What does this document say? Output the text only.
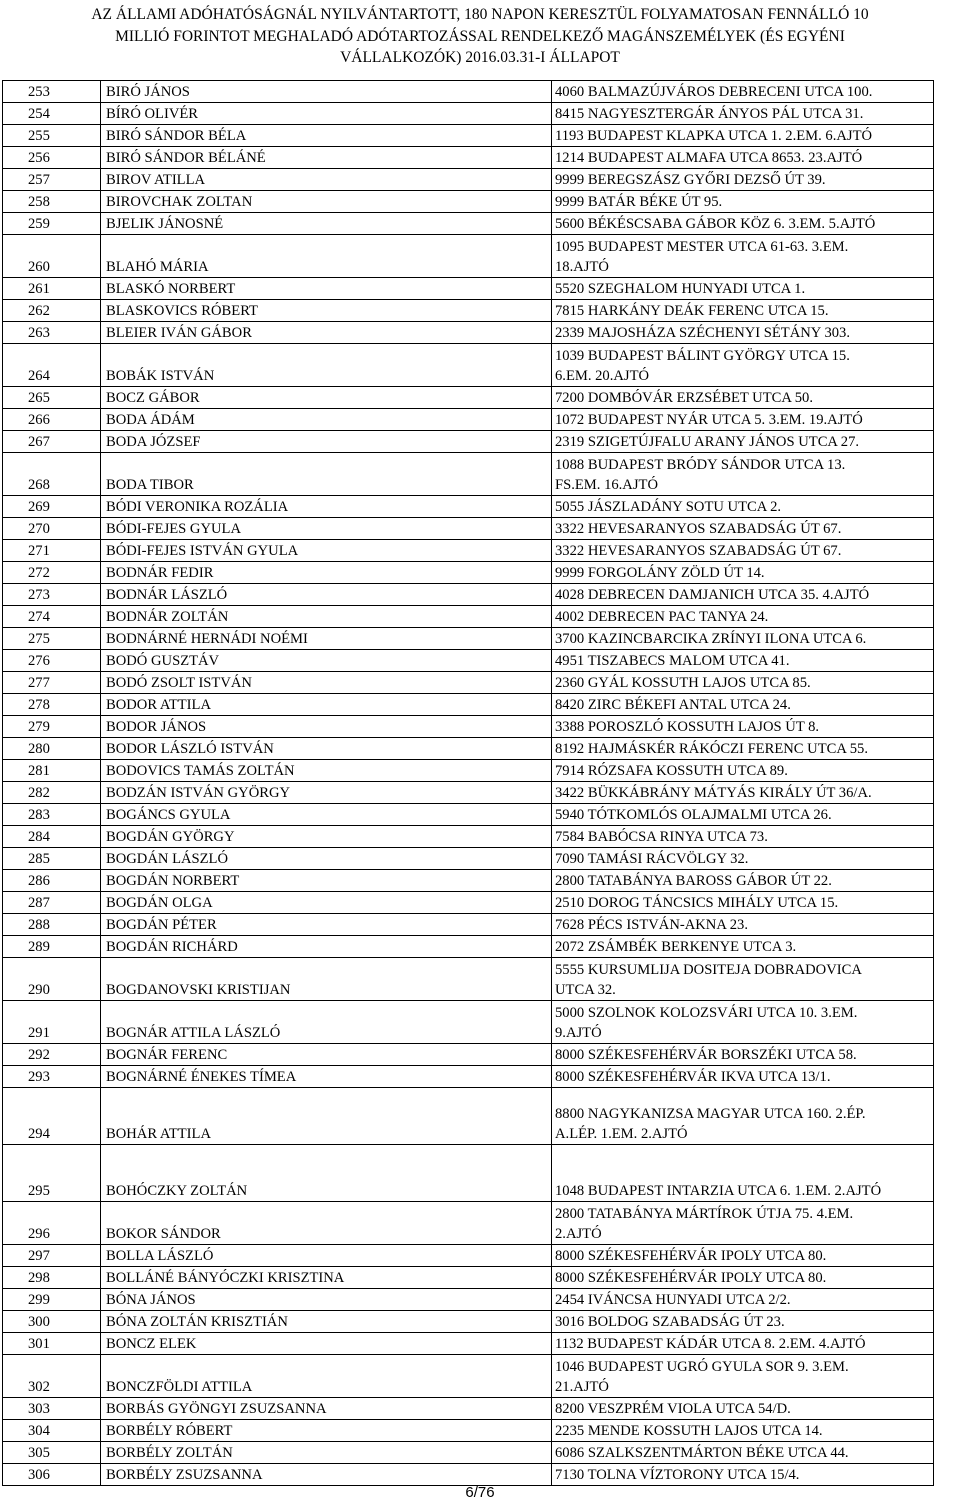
AZ ÁLLAMI ADÓHATÓSÁGNÁL NYILVÁNTARTOTT, 180 NAPON KERESZTÜL FOLYAMATOSAN FENNÁLLÓ 10
MILLIÓ FORINTOT MEGHALADÓ ADÓTARTOZÁSSAL RENDELKEZŐ MAGÁNSZEMÉLYEK (ÉS EGYÉNI
VÁLLALKOZÓK) 2016.03.31-I ÁLLAPOT
253	BIRÓ JÁNOS	4060 BALMAZÚJVÁROS DEBRECENI UTCA 100.

254	BÍRÓ OLIVÉR	8415 NAGYESZTERGÁR ÁNYOS PÁL UTCA 31.

255	BIRÓ SÁNDOR BÉLA	1193 BUDAPEST KLAPKA UTCA 1. 2.EM. 6.AJTÓ

256	BIRÓ SÁNDOR BÉLÁNÉ	1214 BUDAPEST ALMAFA UTCA 8653. 23.AJTÓ

257	BIROV ATILLA	9999 BEREGSZÁSZ GYŐRI DEZSŐ ÚT 39.

258	BIROVCHAK ZOLTAN	9999 BATÁR BÉKE ÚT 95.

259	BJELIK JÁNOSNÉ	5600 BÉKÉSCSABA GÁBOR KÖZ 6. 3.EM. 5.AJTÓ

260	BLAHÓ MÁRIA	1095 BUDAPEST MESTER UTCA 61-63. 3.EM.
18.AJTÓ

261	BLASKÓ NORBERT	5520 SZEGHALOM HUNYADI UTCA 1.

262	BLASKOVICS RÓBERT	7815 HARKÁNY DEÁK FERENC UTCA 15.

263	BLEIER IVÁN GÁBOR	2339 MAJOSHÁZA SZÉCHENYI SÉTÁNY 303.

264	BOBÁK ISTVÁN	1039 BUDAPEST BÁLINT GYÖRGY UTCA 15.
6.EM. 20.AJTÓ

265	BOCZ GÁBOR	7200 DOMBÓVÁR ERZSÉBET UTCA 50.

266	BODA ÁDÁM	1072 BUDAPEST NYÁR UTCA 5. 3.EM. 19.AJTÓ

267	BODA JÓZSEF	2319 SZIGETÚJFALU ARANY JÁNOS UTCA 27.

268	BODA TIBOR	1088 BUDAPEST BRÓDY SÁNDOR UTCA 13.
FS.EM. 16.AJTÓ

269	BÓDI VERONIKA ROZÁLIA	5055 JÁSZLADÁNY SOTU UTCA 2.

270	BÓDI-FEJES GYULA	3322 HEVESARANYOS SZABADSÁG ÚT 67.

271	BÓDI-FEJES ISTVÁN GYULA	3322 HEVESARANYOS SZABADSÁG ÚT 67.

272	BODNÁR FEDIR	9999 FORGOLÁNY ZÖLD ÚT 14.

273	BODNÁR LÁSZLÓ	4028 DEBRECEN DAMJANICH UTCA 35. 4.AJTÓ

274	BODNÁR ZOLTÁN	4002 DEBRECEN PAC TANYA 24.

275	BODNÁRNÉ HERNÁDI NOÉMI	3700 KAZINCBARCIKA ZRÍNYI ILONA UTCA 6.

276	BODÓ GUSZTÁV	4951 TISZABECS MALOM UTCA 41.

277	BODÓ ZSOLT ISTVÁN	2360 GYÁL KOSSUTH LAJOS UTCA 85.

278	BODOR ATTILA	8420 ZIRC BÉKEFI ANTAL UTCA 24.

279	BODOR JÁNOS	3388 POROSZLÓ KOSSUTH LAJOS ÚT 8.

280	BODOR LÁSZLÓ ISTVÁN	8192 HAJMÁSKÉR RÁKÓCZI FERENC UTCA 55.

281	BODOVICS TAMÁS ZOLTÁN	7914 RÓZSAFA KOSSUTH UTCA 89.

282	BODZÁN ISTVÁN GYÖRGY	3422 BÜKKÁBRÁNY MÁTYÁS KIRÁLY ÚT 36/A.

283	BOGÁNCS GYULA	5940 TÓTKOMLÓS OLAJMALMI UTCA 26.

284	BOGDÁN GYÖRGY	7584 BABÓCSA RINYA UTCA 73.

285	BOGDÁN LÁSZLÓ	7090 TAMÁSI RÁCVÖLGY 32.

286	BOGDÁN NORBERT	2800 TATABÁNYA BAROSS GÁBOR ÚT 22.

287	BOGDÁN OLGA	2510 DOROG TÁNCSICS MIHÁLY UTCA 15.

288	BOGDÁN PÉTER	7628 PÉCS ISTVÁN-AKNA 23.

289	BOGDÁN RICHÁRD	2072 ZSÁMBÉK BERKENYE UTCA 3.

290	BOGDANOVSKI KRISTIJAN	5555 KURSUMLIJA DOSITEJA DOBRADOVICA
UTCA 32.

291	BOGNÁR ATTILA LÁSZLÓ	5000 SZOLNOK KOLOZSVÁRI UTCA 10. 3.EM.
9.AJTÓ

292	BOGNÁR FERENC	8000 SZÉKESFEHÉRVÁR BORSZÉKI UTCA 58.

293	BOGNÁRNÉ ÉNEKES TÍMEA	8000 SZÉKESFEHÉRVÁR IKVA UTCA 13/1.

294	BOHÁR ATTILA	8800 NAGYKANIZSA MAGYAR UTCA 160. 2.ÉP.
A.LÉP. 1.EM. 2.AJTÓ

295	BOHÓCZKY ZOLTÁN	1048 BUDAPEST INTARZIA UTCA 6. 1.EM. 2.AJTÓ

296	BOKOR SÁNDOR	2800 TATABÁNYA MÁRTÍROK ÚTJA 75. 4.EM.
2.AJTÓ

297	BOLLA LÁSZLÓ	8000 SZÉKESFEHÉRVÁR IPOLY UTCA 80.

298	BOLLÁNÉ BÁNYÓCZKI KRISZTINA	8000 SZÉKESFEHÉRVÁR IPOLY UTCA 80.

299	BÓNA JÁNOS	2454 IVÁNCSA HUNYADI UTCA 2/2.

300	BÓNA ZOLTÁN KRISZTIÁN	3016 BOLDOG SZABADSÁG ÚT 23.

301	BONCZ ELEK	1132 BUDAPEST KÁDÁR UTCA 8. 2.EM. 4.AJTÓ

302	BONCZFÖLDI ATTILA	1046 BUDAPEST UGRÓ GYULA SOR 9. 3.EM.
21.AJTÓ

303	BORBÁS GYÖNGYI ZSUZSANNA	8200 VESZPRÉM VIOLA UTCA 54/D.

304	BORBÉLY RÓBERT	2235 MENDE KOSSUTH LAJOS UTCA 14.

305	BORBÉLY ZOLTÁN	6086 SZALKSZENTMÁRTON BÉKE UTCA 44.

306	BORBÉLY ZSUZSANNA	7130 TOLNA VÍZTORONY UTCA 15/4.
6/76
